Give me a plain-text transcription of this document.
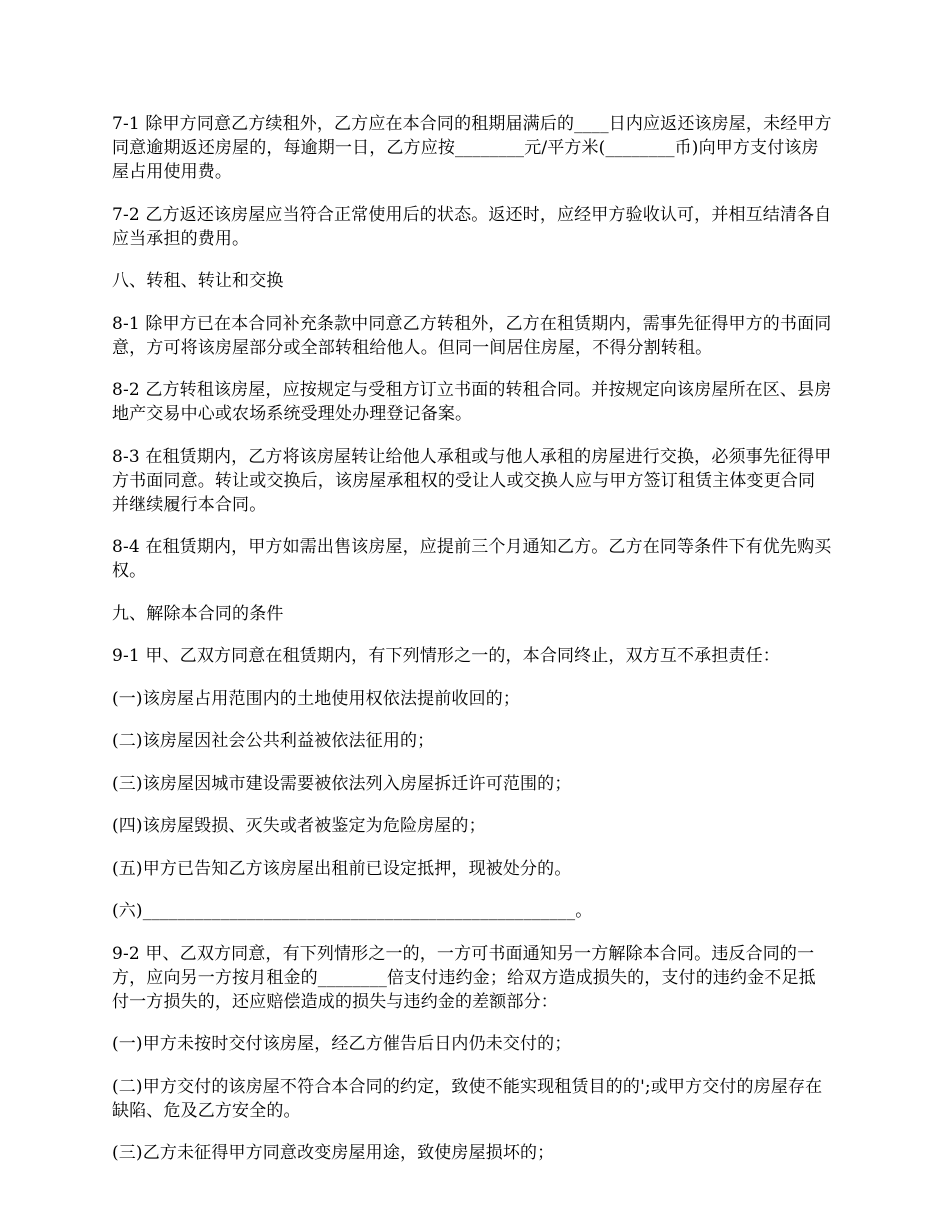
7-1 除甲方同意乙方续租外，乙方应在本合同的租期届满后的____日内应返还该房屋，未经甲方同意逾期返还房屋的，每逾期一日，乙方应按________元/平方米(________币)向甲方支付该房屋占用使用费。

7-2 乙方返还该房屋应当符合正常使用后的状态。返还时，应经甲方验收认可，并相互结清各自应当承担的费用。

八、转租、转让和交换

8-1 除甲方已在本合同补充条款中同意乙方转租外，乙方在租赁期内，需事先征得甲方的书面同意，方可将该房屋部分或全部转租给他人。但同一间居住房屋，不得分割转租。

8-2 乙方转租该房屋，应按规定与受租方订立书面的转租合同。并按规定向该房屋所在区、县房地产交易中心或农场系统受理处办理登记备案。

8-3 在租赁期内，乙方将该房屋转让给他人承租或与他人承租的房屋进行交换，必须事先征得甲方书面同意。转让或交换后，该房屋承租权的受让人或交换人应与甲方签订租赁主体变更合同并继续履行本合同。

8-4 在租赁期内，甲方如需出售该房屋，应提前三个月通知乙方。乙方在同等条件下有优先购买权。

九、解除本合同的条件

9-1 甲、乙双方同意在租赁期内，有下列情形之一的，本合同终止，双方互不承担责任：

(一)该房屋占用范围内的土地使用权依法提前收回的；

(二)该房屋因社会公共利益被依法征用的；

(三)该房屋因城市建设需要被依法列入房屋拆迁许可范围的；

(四)该房屋毁损、灭失或者被鉴定为危险房屋的；

(五)甲方已告知乙方该房屋出租前已设定抵押，现被处分的。

(六)__________________________________________________。

9-2 甲、乙双方同意，有下列情形之一的，一方可书面通知另一方解除本合同。违反合同的一方，应向另一方按月租金的________倍支付违约金；给双方造成损失的，支付的违约金不足抵付一方损失的，还应赔偿造成的损失与违约金的差额部分：

(一)甲方未按时交付该房屋，经乙方催告后日内仍未交付的；

(二)甲方交付的该房屋不符合本合同的约定，致使不能实现租赁目的的';或甲方交付的房屋存在缺陷、危及乙方安全的。

(三)乙方未征得甲方同意改变房屋用途，致使房屋损坏的；
